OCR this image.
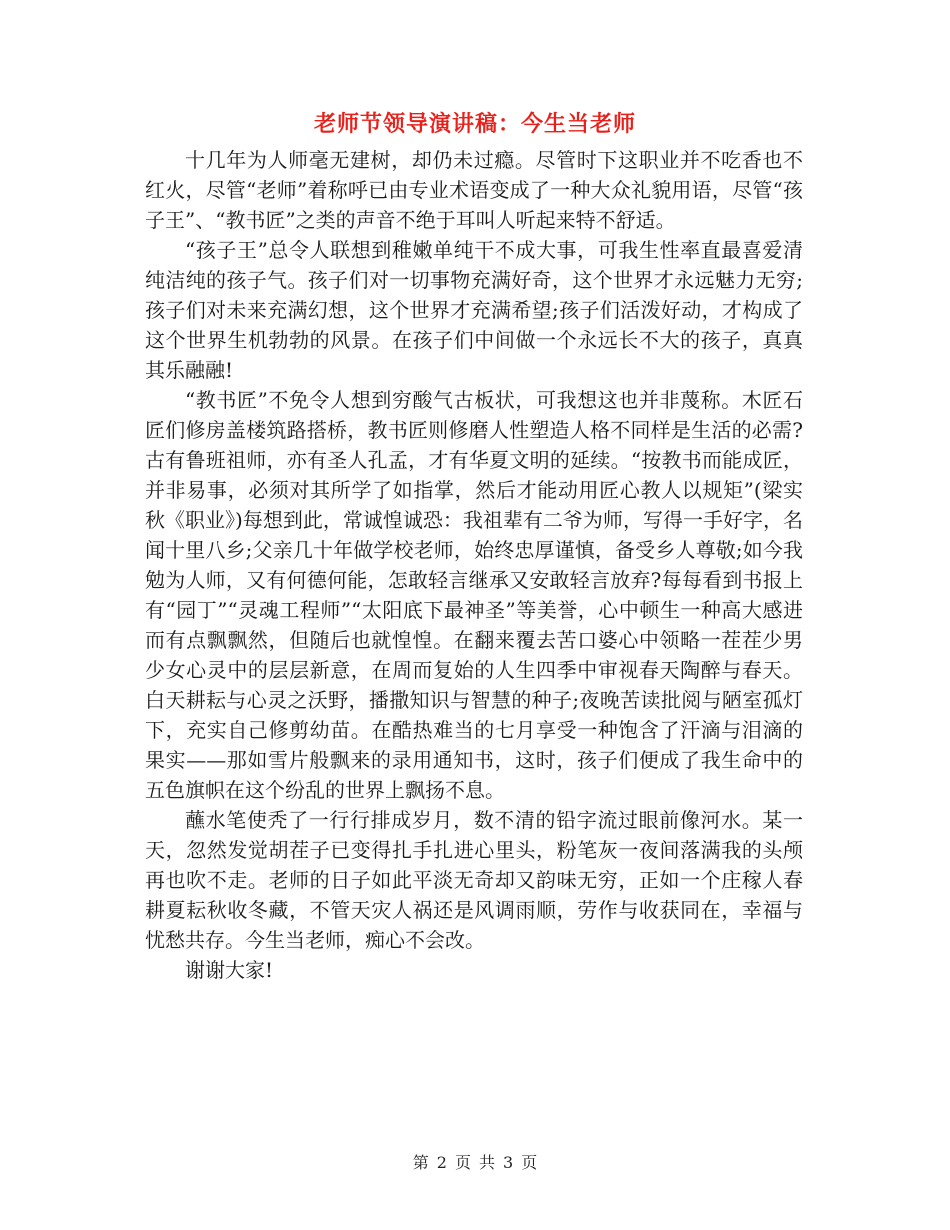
老师节领导演讲稿：今生当老师

十几年为人师毫无建树，却仍未过瘾。尽管时下这职业并不吃香也不红火，尽管“老师”着称呼已由专业术语变成了一种大众礼貌用语，尽管“孩子王”、“教书匠”之类的声音不绝于耳叫人听起来特不舒适。

“孩子王”总令人联想到稚嫩单纯干不成大事，可我生性率直最喜爱清纯洁纯的孩子气。孩子们对一切事物充满好奇，这个世界才永远魅力无穷;孩子们对未来充满幻想，这个世界才充满希望;孩子们活泼好动，才构成了这个世界生机勃勃的风景。在孩子们中间做一个永远长不大的孩子，真真其乐融融!

“教书匠”不免令人想到穷酸气古板状，可我想这也并非蔑称。木匠石匠们修房盖楼筑路搭桥，教书匠则修磨人性塑造人格不同样是生活的必需?古有鲁班祖师，亦有圣人孔孟，才有华夏文明的延续。“按教书而能成匠，并非易事，必须对其所学了如指掌，然后才能动用匠心教人以规矩”(梁实秋《职业》)每想到此，常诚惶诚恐：我祖辈有二爷为师，写得一手好字，名闻十里八乡;父亲几十年做学校老师，始终忠厚谨慎，备受乡人尊敬;如今我勉为人师，又有何德何能，怎敢轻言继承又安敢轻言放弃?每每看到书报上有“园丁”“灵魂工程师”“太阳底下最神圣”等美誉，心中顿生一种高大感进而有点飘飘然，但随后也就惶惶。在翻来覆去苦口婆心中领略一茬茬少男少女心灵中的层层新意，在周而复始的人生四季中审视春天陶醉与春天。白天耕耘与心灵之沃野，播撒知识与智慧的种子;夜晚苦读批阅与陋室孤灯下，充实自己修剪幼苗。在酷热难当的七月享受一种饱含了汗滴与泪滴的果实——那如雪片般飘来的录用通知书，这时，孩子们便成了我生命中的五色旗帜在这个纷乱的世界上飘扬不息。

蘸水笔使秃了一行行排成岁月，数不清的铅字流过眼前像河水。某一天，忽然发觉胡茬子已变得扎手扎进心里头，粉笔灰一夜间落满我的头颅再也吹不走。老师的日子如此平淡无奇却又韵味无穷，正如一个庄稼人春耕夏耘秋收冬藏，不管天灾人祸还是风调雨顺，劳作与收获同在，幸福与忧愁共存。今生当老师，痴心不会改。

谢谢大家!

第 2 页 共 3 页
